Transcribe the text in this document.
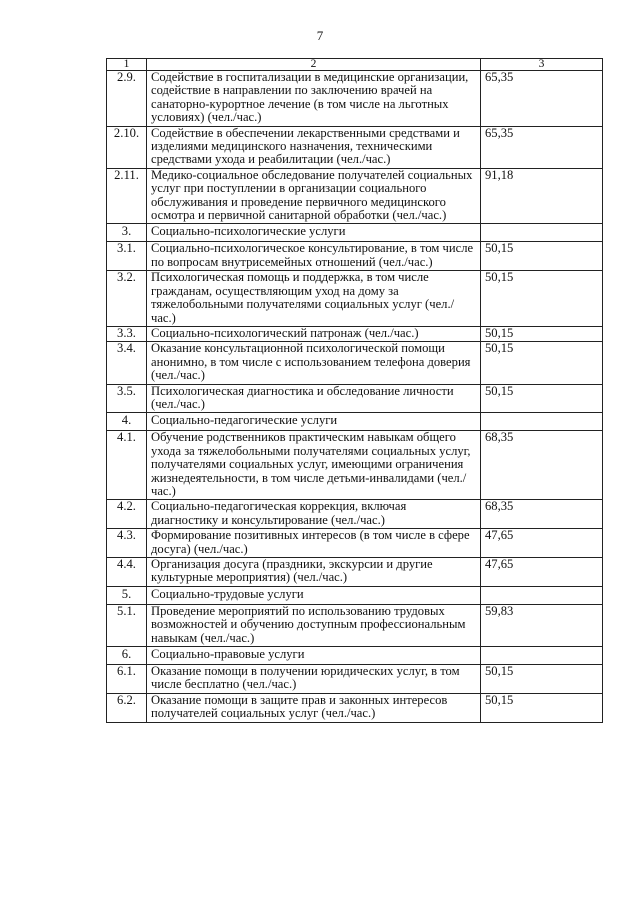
7
1	2	3
2.9.	Содействие в госпитализации в медицинские организации, содействие в направлении по заключению врачей на санаторно-курортное лечение (в том числе на льготных условиях) (чел./час.)	65,35
2.10.	Содействие в обеспечении лекарственными средствами и изделиями медицинского назначения, техническими средствами ухода и реабилитации (чел./час.)	65,35
2.11.	Медико-социальное обследование получателей социальных услуг при поступлении в организации социального обслуживания и проведение первичного медицинского осмотра и первичной санитарной обработки (чел./час.)	91,18
3.	Социально-психологические услуги	
3.1.	Социально-психологическое консультирование, в том числе по вопросам внутрисемейных отношений (чел./час.)	50,15
3.2.	Психологическая помощь и поддержка, в том числе гражданам, осуществляющим уход на дому за тяжелобольными получателями социальных услуг (чел./час.)	50,15
3.3.	Социально-психологический патронаж (чел./час.)	50,15
3.4.	Оказание консультационной психологической помощи анонимно, в том числе с использованием телефона доверия (чел./час.)	50,15
3.5.	Психологическая диагностика и обследование личности (чел./час.)	50,15
4.	Социально-педагогические услуги	
4.1.	Обучение родственников практическим навыкам общего ухода за тяжелобольными получателями социальных услуг, получателями социальных услуг, имеющими ограничения жизнедеятельности, в том числе детьми-инвалидами (чел./час.)	68,35
4.2.	Социально-педагогическая коррекция, включая диагностику и консультирование (чел./час.)	68,35
4.3.	Формирование позитивных интересов (в том числе в сфере досуга) (чел./час.)	47,65
4.4.	Организация досуга (праздники, экскурсии и другие культурные мероприятия) (чел./час.)	47,65
5.	Социально-трудовые услуги	
5.1.	Проведение мероприятий по использованию трудовых возможностей и обучению доступным профессиональным навыкам (чел./час.)	59,83
6.	Социально-правовые услуги	
6.1.	Оказание помощи в получении юридических услуг, в том числе бесплатно (чел./час.)	50,15
6.2.	Оказание помощи в защите прав и законных интересов получателей социальных услуг (чел./час.)	50,15
